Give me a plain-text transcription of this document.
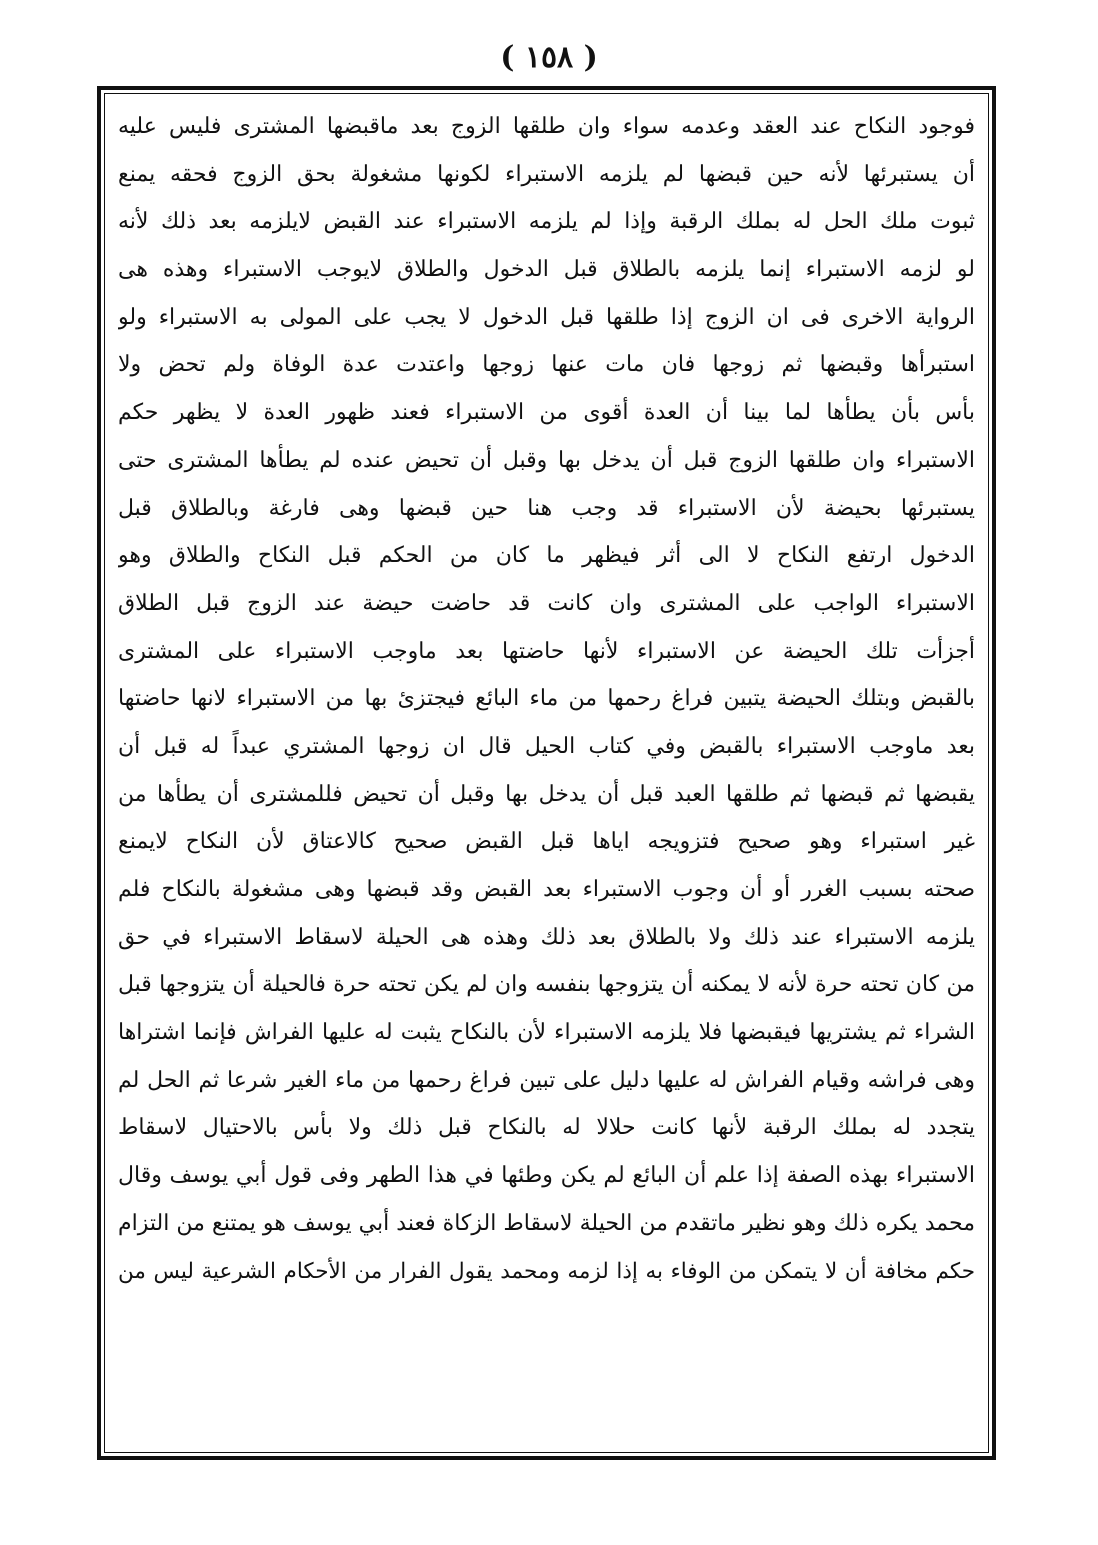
( ١٥٨ )
فوجود النكاح عند العقد وعدمه سواء وان طلقها الزوج بعد ماقبضها المشترى فليس عليه
أن يستبرئها لأنه حين قبضها لم يلزمه الاستبراء لكونها مشغولة بحق الزوج فحقه يمنع
ثبوت ملك الحل له بملك الرقبة وإذا لم يلزمه الاستبراء عند القبض لايلزمه بعد ذلك لأنه
لو لزمه الاستبراء إنما يلزمه بالطلاق قبل الدخول والطلاق لايوجب الاستبراء وهذه هى
الرواية الاخرى فى ان الزوج إذا طلقها قبل الدخول لا يجب على المولى به الاستبراء ولو
استبرأها وقبضها ثم زوجها فان مات عنها زوجها واعتدت عدة الوفاة ولم تحض ولا
بأس بأن يطأها لما بينا أن العدة أقوى من الاستبراء فعند ظهور العدة لا يظهر حكم
الاستبراء وان طلقها الزوج قبل أن يدخل بها وقبل أن تحيض عنده لم يطأها المشترى حتى
يستبرئها بحيضة لأن الاستبراء قد وجب هنا حين قبضها وهى فارغة وبالطلاق قبل
الدخول ارتفع النكاح لا الى أثر فيظهر ما كان من الحكم قبل النكاح والطلاق وهو
الاستبراء الواجب على المشترى وان كانت قد حاضت حيضة عند الزوج قبل الطلاق
أجزأت تلك الحيضة عن الاستبراء لأنها حاضتها بعد ماوجب الاستبراء على المشترى
بالقبض وبتلك الحيضة يتبين فراغ رحمها من ماء البائع فيجتزئ بها من الاستبراء لانها حاضتها
بعد ماوجب الاستبراء بالقبض وفي كتاب الحيل قال ان زوجها المشتري عبداً له قبل أن
يقبضها ثم قبضها ثم طلقها العبد قبل أن يدخل بها وقبل أن تحيض فللمشترى أن يطأها من
غير استبراء وهو صحيح فتزويجه اياها قبل القبض صحيح كالاعتاق لأن النكاح لايمنع
صحته بسبب الغرر أو أن وجوب الاستبراء بعد القبض وقد قبضها وهى مشغولة بالنكاح فلم
يلزمه الاستبراء عند ذلك ولا بالطلاق بعد ذلك وهذه هى الحيلة لاسقاط الاستبراء في حق
من كان تحته حرة لأنه لا يمكنه أن يتزوجها بنفسه وان لم يكن تحته حرة فالحيلة أن يتزوجها قبل
الشراء ثم يشتريها فيقبضها فلا يلزمه الاستبراء لأن بالنكاح يثبت له عليها الفراش فإنما اشتراها
وهى فراشه وقيام الفراش له عليها دليل على تبين فراغ رحمها من ماء الغير شرعا ثم الحل لم
يتجدد له بملك الرقبة لأنها كانت حلالا له بالنكاح قبل ذلك ولا بأس بالاحتيال لاسقاط
الاستبراء بهذه الصفة إذا علم أن البائع لم يكن وطئها في هذا الطهر وفى قول أبي يوسف وقال
محمد يكره ذلك وهو نظير ماتقدم من الحيلة لاسقاط الزكاة فعند أبي يوسف هو يمتنع من التزام
حكم مخافة أن لا يتمكن من الوفاء به إذا لزمه ومحمد يقول الفرار من الأحكام الشرعية ليس من
